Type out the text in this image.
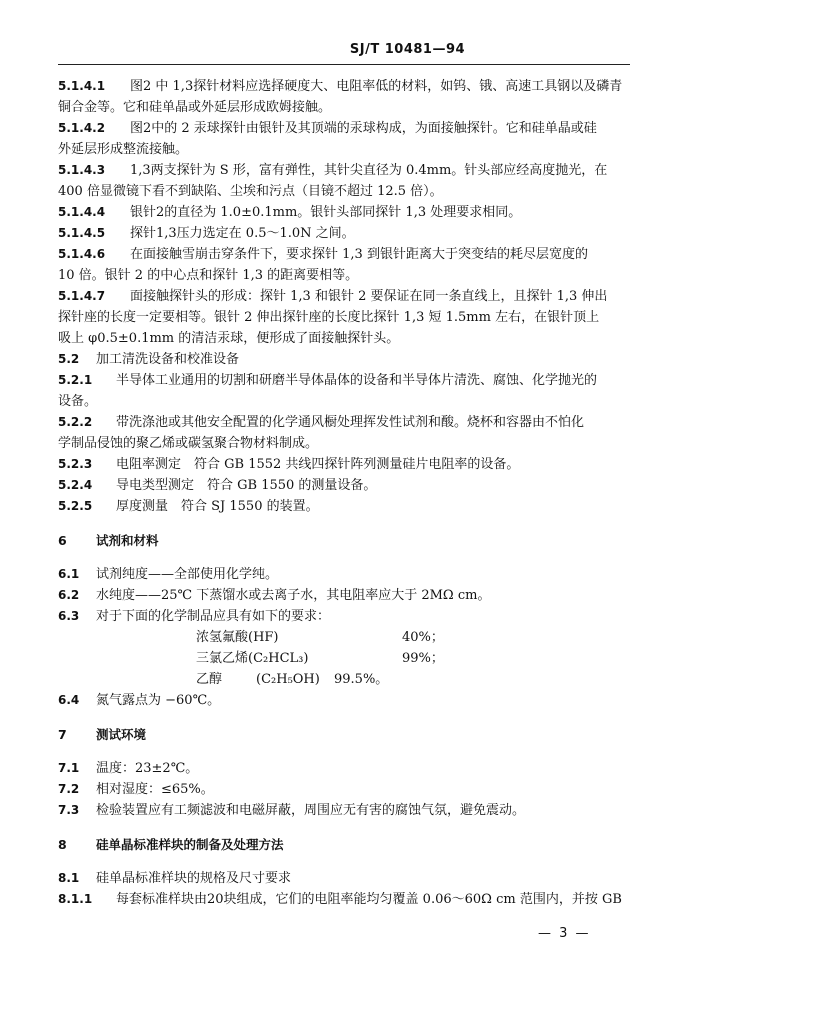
SJ/T 10481—94
5.1.4.1 图2 中 1,3探针材料应选择硬度大、电阻率低的材料，如钨、锇、高速工具钢以及磷青
铜合金等。它和硅单晶或外延层形成欧姆接触。
5.1.4.2 图2中的 2 汞球探针由银针及其顶端的汞球构成，为面接触探针。它和硅单晶或硅
外延层形成整流接触。
5.1.4.3 1,3两支探针为 S 形，富有弹性，其针尖直径为 0.4mm。针头部应经高度抛光，在
400 倍显微镜下看不到缺陷、尘埃和污点（目镜不超过 12.5 倍）。
5.1.4.4 银针2的直径为 1.0±0.1mm。银针头部同探针 1,3 处理要求相同。
5.1.4.5 探针1,3压力选定在 0.5～1.0N 之间。
5.1.4.6 在面接触雪崩击穿条件下，要求探针 1,3 到银针距离大于突变结的耗尽层宽度的
10 倍。银针 2 的中心点和探针 1,3 的距离要相等。
5.1.4.7 面接触探针头的形成：探针 1,3 和银针 2 要保证在同一条直线上，且探针 1,3 伸出
探针座的长度一定要相等。银针 2 伸出探针座的长度比探针 1,3 短 1.5mm 左右，在银针顶上
吸上 φ0.5±0.1mm 的清洁汞球，便形成了面接触探针头。
5.2 加工清洗设备和校准设备
5.2.1 半导体工业通用的切割和研磨半导体晶体的设备和半导体片清洗、腐蚀、化学抛光的
设备。
5.2.2 带洗涤池或其他安全配置的化学通风橱处理挥发性试剂和酸。烧杯和容器由不怕化
学制品侵蚀的聚乙烯或碳氢聚合物材料制成。
5.2.3 电阻率测定　符合 GB 1552 共线四探针阵列测量硅片电阻率的设备。
5.2.4 导电类型测定　符合 GB 1550 的测量设备。
5.2.5 厚度测量　符合 SJ 1550 的装置。
6 试剂和材料
6.1 试剂纯度——全部使用化学纯。
6.2 水纯度——25℃ 下蒸馏水或去离子水，其电阻率应大于 2MΩ cm。
6.3 对于下面的化学制品应具有如下的要求：
浓氢氟酸(HF)	40%；
三氯乙烯(C₂HCL₃)	99%；
乙醇	(C₂H₅OH) 99.5%。
6.4 氮气露点为 −60℃。
7 测试环境
7.1 温度：23±2℃。
7.2 相对湿度：≤65%。
7.3 检验装置应有工频滤波和电磁屏蔽，周围应无有害的腐蚀气氛，避免震动。
8 硅单晶标准样块的制备及处理方法
8.1 硅单晶标准样块的规格及尺寸要求
8.1.1 每套标准样块由20块组成，它们的电阻率能均匀覆盖 0.06～60Ω cm 范围内，并按 GB
— 3 —
